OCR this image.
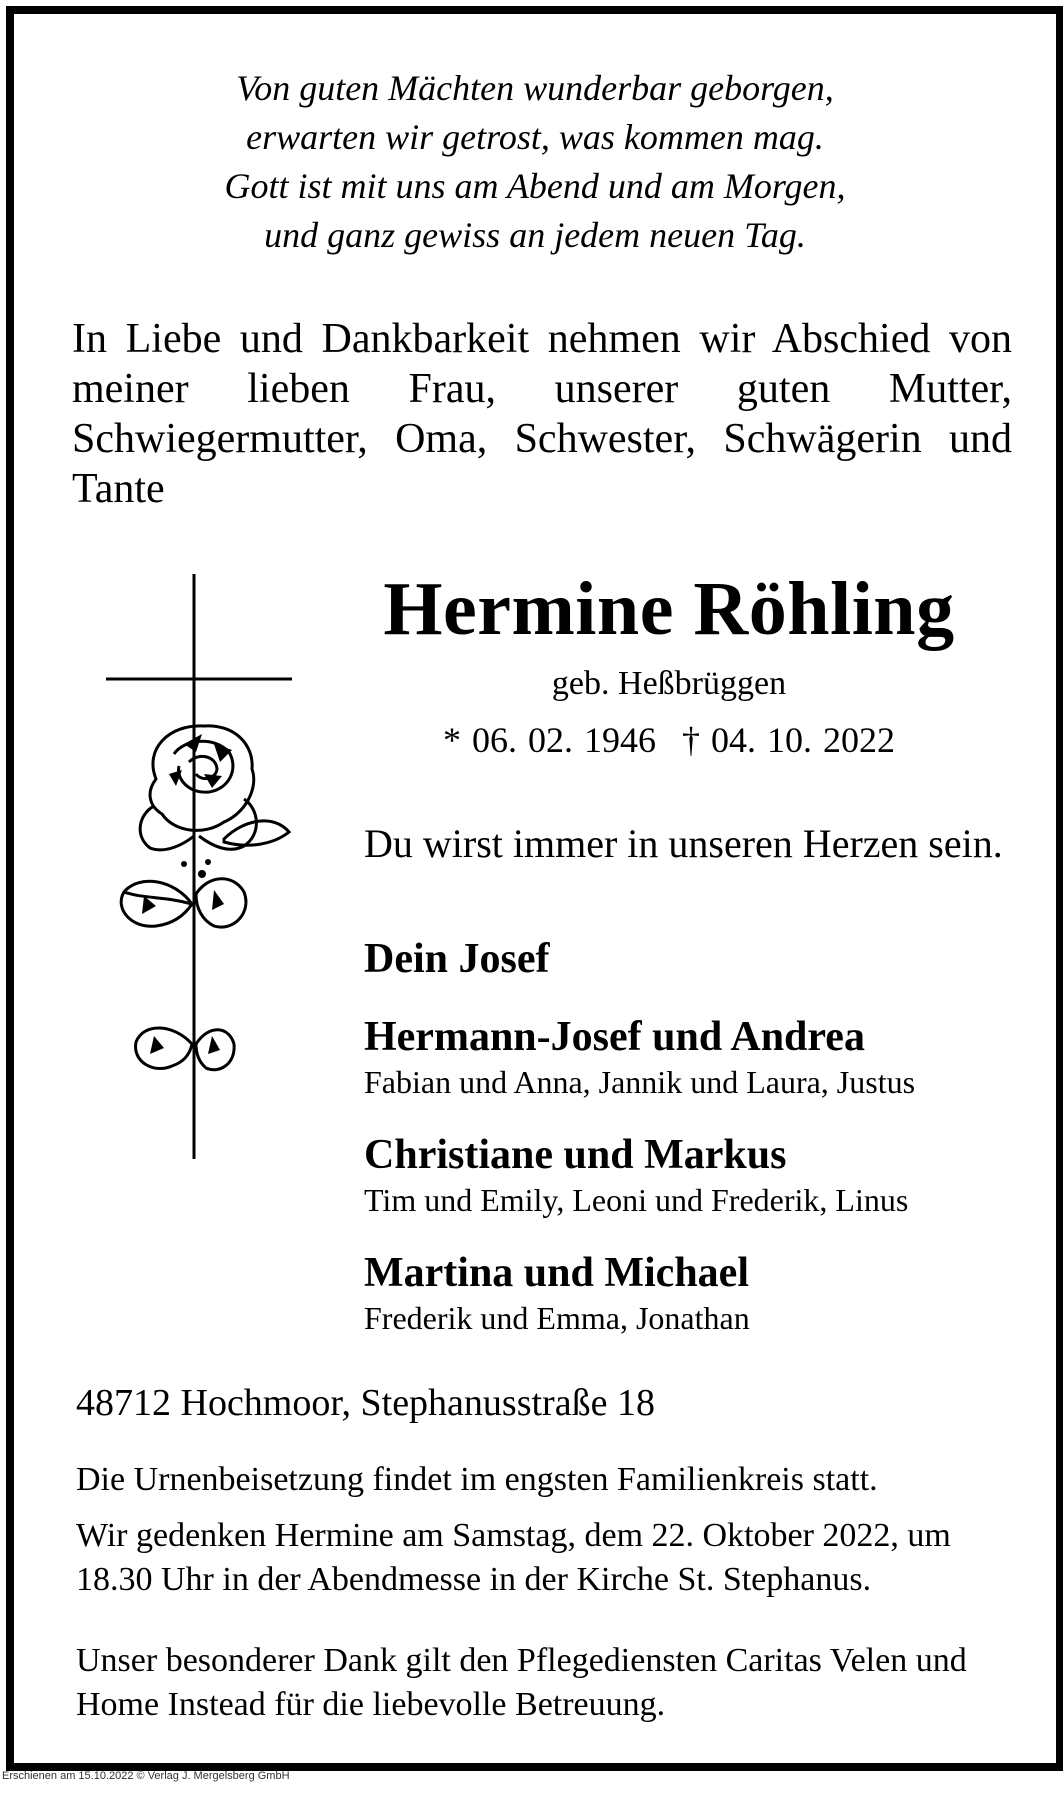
Von guten Mächten wunderbar geborgen,
erwarten wir getrost, was kommen mag.
Gott ist mit uns am Abend und am Morgen,
und ganz gewiss an jedem neuen Tag.
In Liebe und Dankbarkeit nehmen wir Abschied von meiner lieben Frau, unserer guten Mutter, Schwiegermutter, Oma, Schwester, Schwägerin und Tante
Hermine Röhling
geb. Heßbrüggen
* 06. 02. 1946 † 04. 10. 2022
Du wirst immer in unseren Herzen sein.
Dein Josef
Hermann-Josef und Andrea
Fabian und Anna, Jannik und Laura, Justus
Christiane und Markus
Tim und Emily, Leoni und Frederik, Linus
Martina und Michael
Frederik und Emma, Jonathan
48712 Hochmoor, Stephanusstraße 18
Die Urnenbeisetzung findet im engsten Familienkreis statt.
Wir gedenken Hermine am Samstag, dem 22. Oktober 2022, um 18.30 Uhr in der Abendmesse in der Kirche St. Stephanus.
Unser besonderer Dank gilt den Pflegediensten Caritas Velen und Home Instead für die liebevolle Betreuung.
Erschienen am 15.10.2022 © Verlag J. Mergelsberg GmbH
